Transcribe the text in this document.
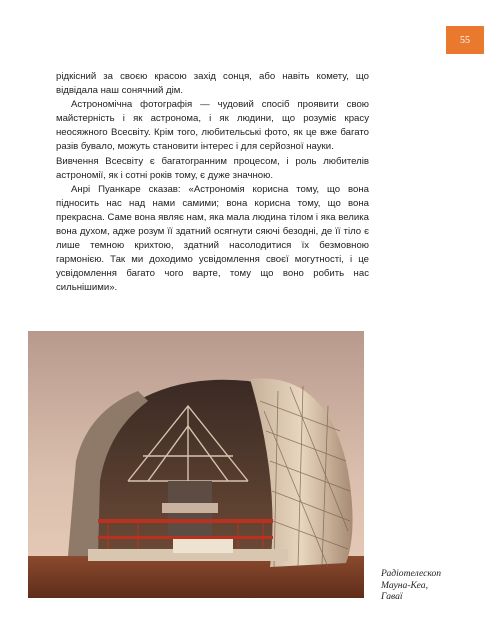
55

рідкісний за своєю красою захід сонця, або навіть комету, що відвідала наш сонячний дім.

Астрономічна фотографія — чудовий спосіб проявити свою майстерність і як астронома, і як людини, що розуміє красу неосяжного Всесвіту. Крім того, любительські фото, як це вже багато разів бувало, можуть становити інтерес і для серйозної науки.

Вивчення Всесвіту є багатогранним процесом, і роль любителів астрономії, як і сотні років тому, є дуже значною.

Анрі Пуанкаре сказав: «Астрономія корисна тому, що вона підносить нас над нами самими; вона корисна тому, що вона прекрасна. Саме вона являє нам, яка мала людина тілом і яка велика вона духом, адже розум її здатний осягнути сяючі безодні, де її тіло є лише темною крихтою, здатний насолодитися їх безмовною гармонією. Так ми доходимо усвідомлення своєї могутності, і це усвідомлення багато чого варте, тому що воно робить нас сильнішими».

Радіотелескоп
Мауна-Кеа,
Гаваї
